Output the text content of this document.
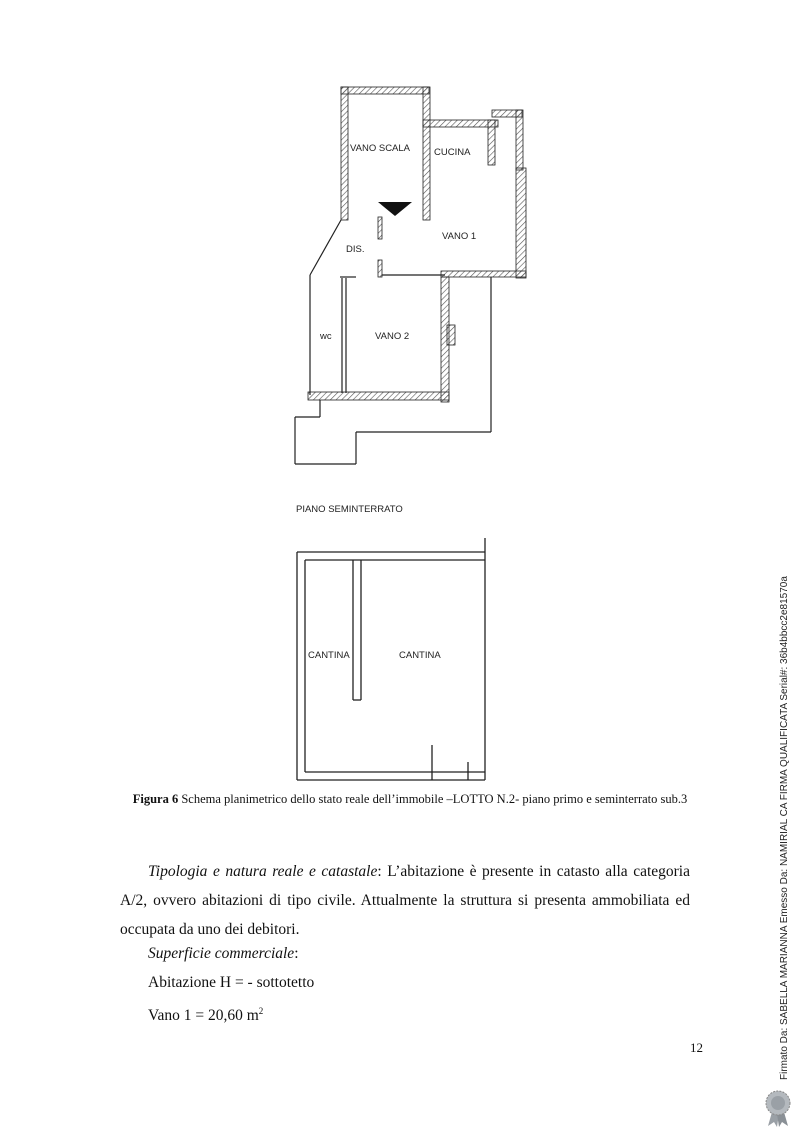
VANO SCALA	CUCINA
VANO 1
DIS.
wc	VANO 2
PIANO SEMINTERRATO
CANTINA	CANTINA
Figura 6 Schema planimetrico dello stato reale dell’immobile –LOTTO N.2- piano primo e seminterrato sub.3

Tipologia e natura reale e catastale: L’abitazione è presente in catasto alla categoria A/2, ovvero abitazioni di tipo civile. Attualmente la struttura si presenta ammobiliata ed occupata da uno dei debitori.

Superficie commerciale:

Abitazione H = - sottotetto

Vano 1 = 20,60 $m^2$

12	Firmato Da: SABELLA MARIANNA Emesso Da: NAMIRIAL CA FIRMA QUALIFICATA Serial#: 36b4bbcc2e81570a
